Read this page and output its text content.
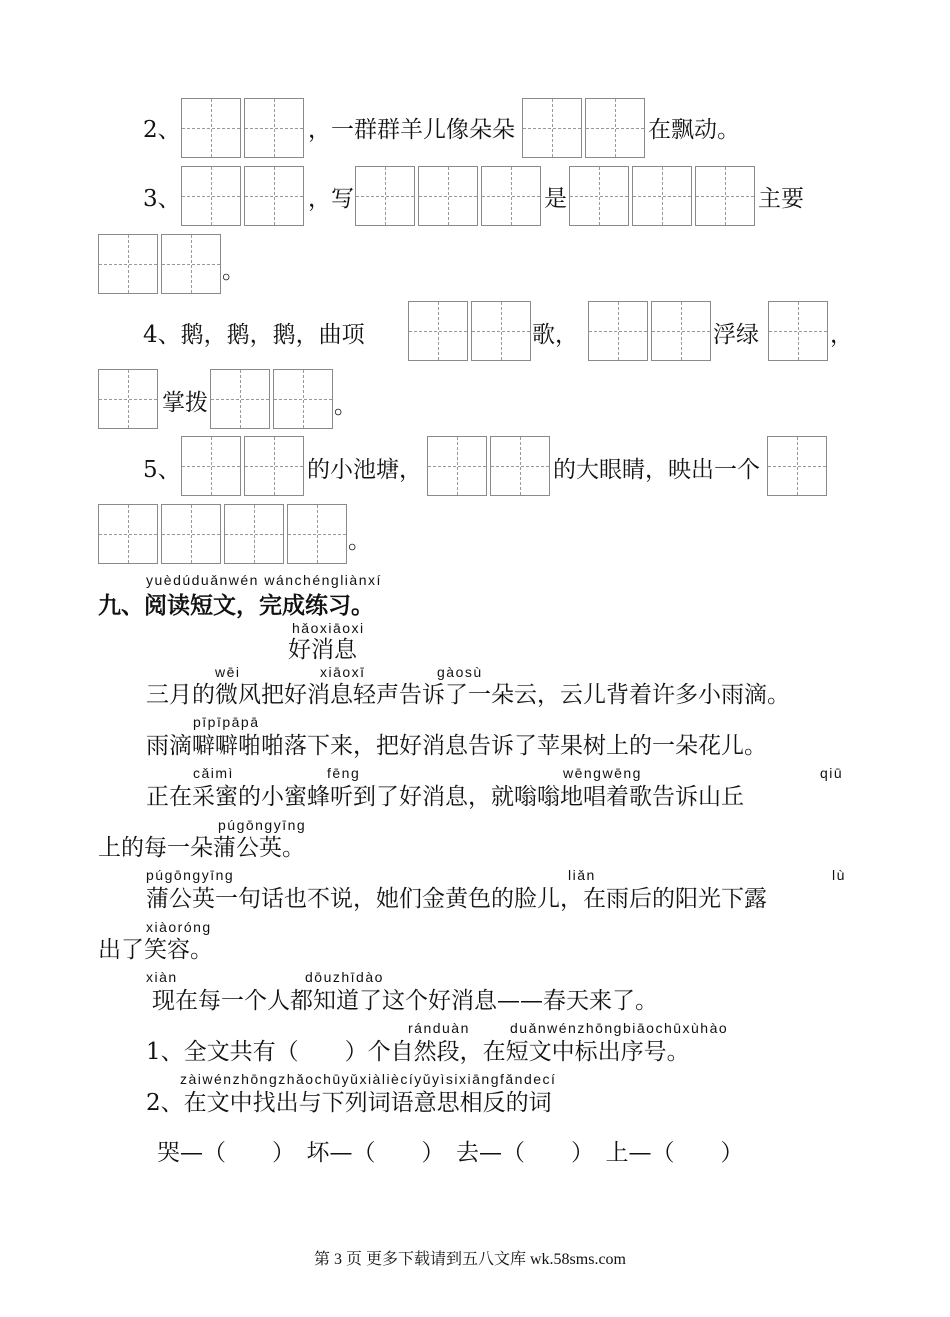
2、	，一群群羊儿像朵朵	在飘动。
3、	，写	是	主要
。
4、鹅，鹅，鹅，曲项	歌，	浮绿	，
掌拨	。
5、	的小池塘，	的大眼睛，映出一个
。
yuèdúduǎnwén wánchéngliànxí
九、阅读短文，完成练习。
hǎoxiāoxi
好消息
wēi	xiāoxī	gàosù
三月的微风把好消息轻声告诉了一朵云，云儿背着许多小雨滴。
pīpīpāpā
雨滴噼噼啪啪落下来，把好消息告诉了苹果树上的一朵花儿。
cǎimì	fēng	wēngwēng	qiū
正在采蜜的小蜜蜂听到了好消息，就嗡嗡地唱着歌告诉山丘
púgōngyīng
上的每一朵蒲公英。
púgōngyīng	liǎn	lù
蒲公英一句话也不说，她们金黄色的脸儿，在雨后的阳光下露
xiàoróng
出了笑容。
xiàn	dōuzhīdào
现在每一个人都知道了这个好消息——春天来了。
ránduàn	duǎnwénzhōngbiāochūxùhào
1、全文共有（　　）个自然段，在短文中标出序号。
zàiwénzhōngzhǎochūyǔxiàliècíyǔyìsixiāngfǎndecí
2、在文中找出与下列词语意思相反的词
哭—（　　）　坏—（　　）　去—（　　）　上—（　　）
第 3 页 更多下载请到五八文库 wk.58sms.com
